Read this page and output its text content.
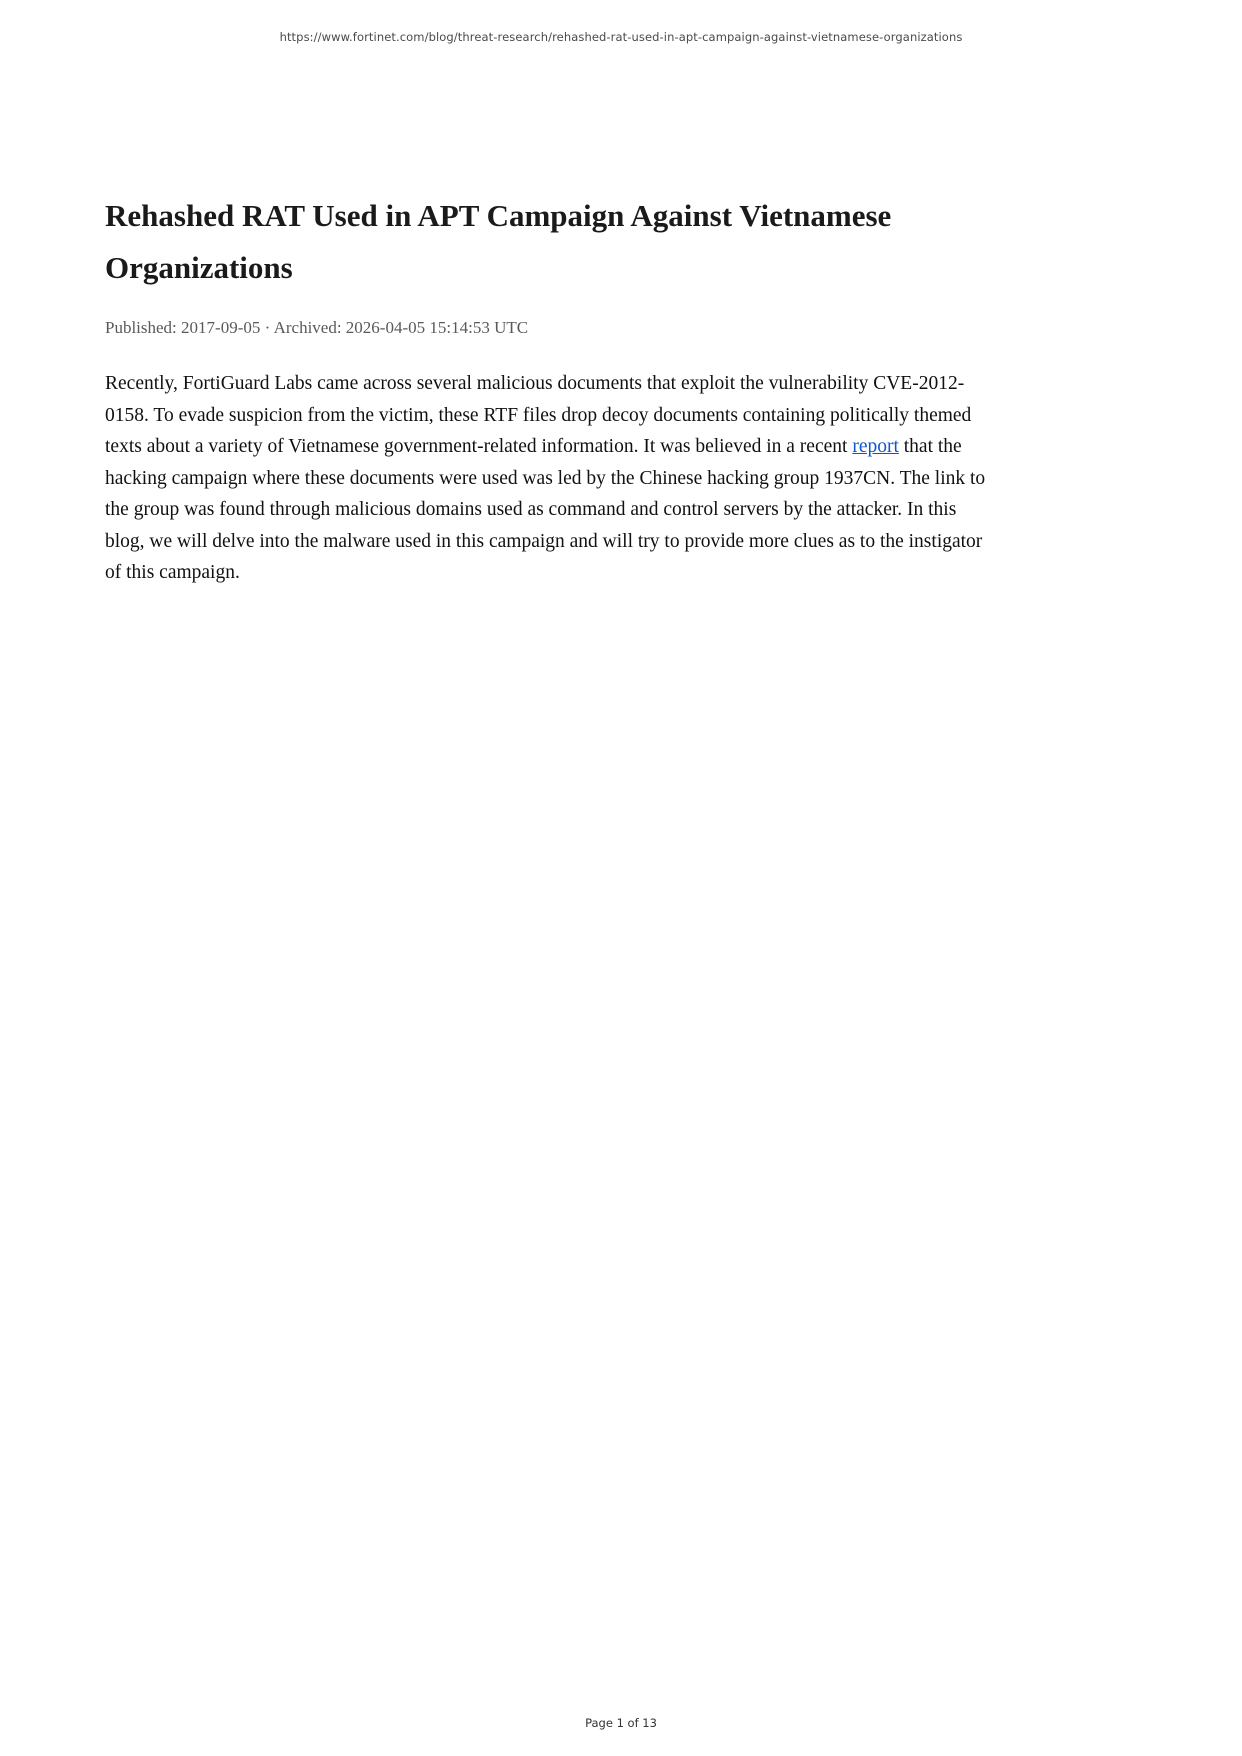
https://www.fortinet.com/blog/threat-research/rehashed-rat-used-in-apt-campaign-against-vietnamese-organizations
Rehashed RAT Used in APT Campaign Against Vietnamese Organizations
Published: 2017-09-05 · Archived: 2026-04-05 15:14:53 UTC

Recently, FortiGuard Labs came across several malicious documents that exploit the vulnerability CVE-2012-0158. To evade suspicion from the victim, these RTF files drop decoy documents containing politically themed texts about a variety of Vietnamese government-related information. It was believed in a recent report that the hacking campaign where these documents were used was led by the Chinese hacking group 1937CN. The link to the group was found through malicious domains used as command and control servers by the attacker. In this blog, we will delve into the malware used in this campaign and will try to provide more clues as to the instigator of this campaign.

Page 1 of 13
